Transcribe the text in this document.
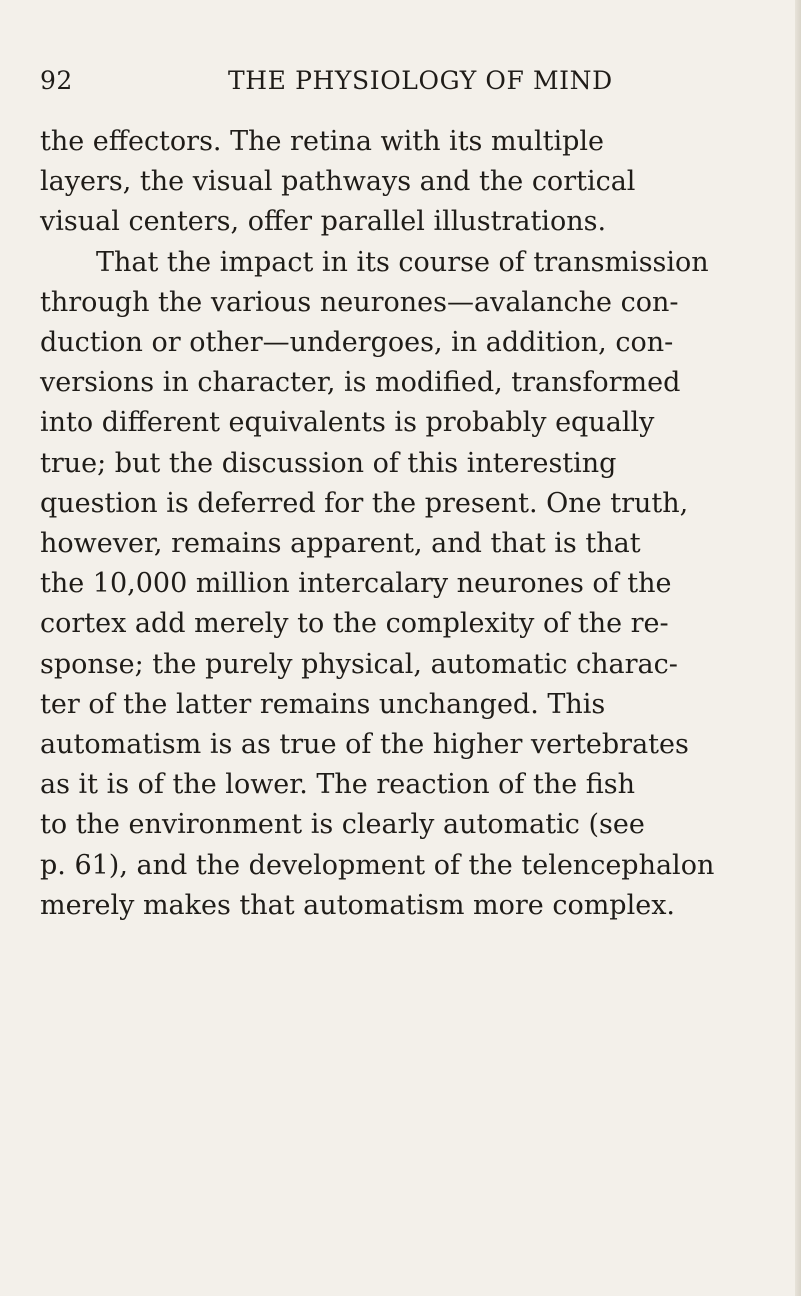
92	THE PHYSIOLOGY OF MIND
the effectors. The retina with its multiple
layers, the visual pathways and the cortical
visual centers, offer parallel illustrations.
That the impact in its course of transmission
through the various neurones—avalanche con-
duction or other—undergoes, in addition, con-
versions in character, is modified, transformed
into different equivalents is probably equally
true; but the discussion of this interesting
question is deferred for the present. One truth,
however, remains apparent, and that is that
the 10,000 million intercalary neurones of the
cortex add merely to the complexity of the re-
sponse; the purely physical, automatic charac-
ter of the latter remains unchanged. This
automatism is as true of the higher vertebrates
as it is of the lower. The reaction of the fish
to the environment is clearly automatic (see
p. 61), and the development of the telencephalon
merely makes that automatism more complex.
